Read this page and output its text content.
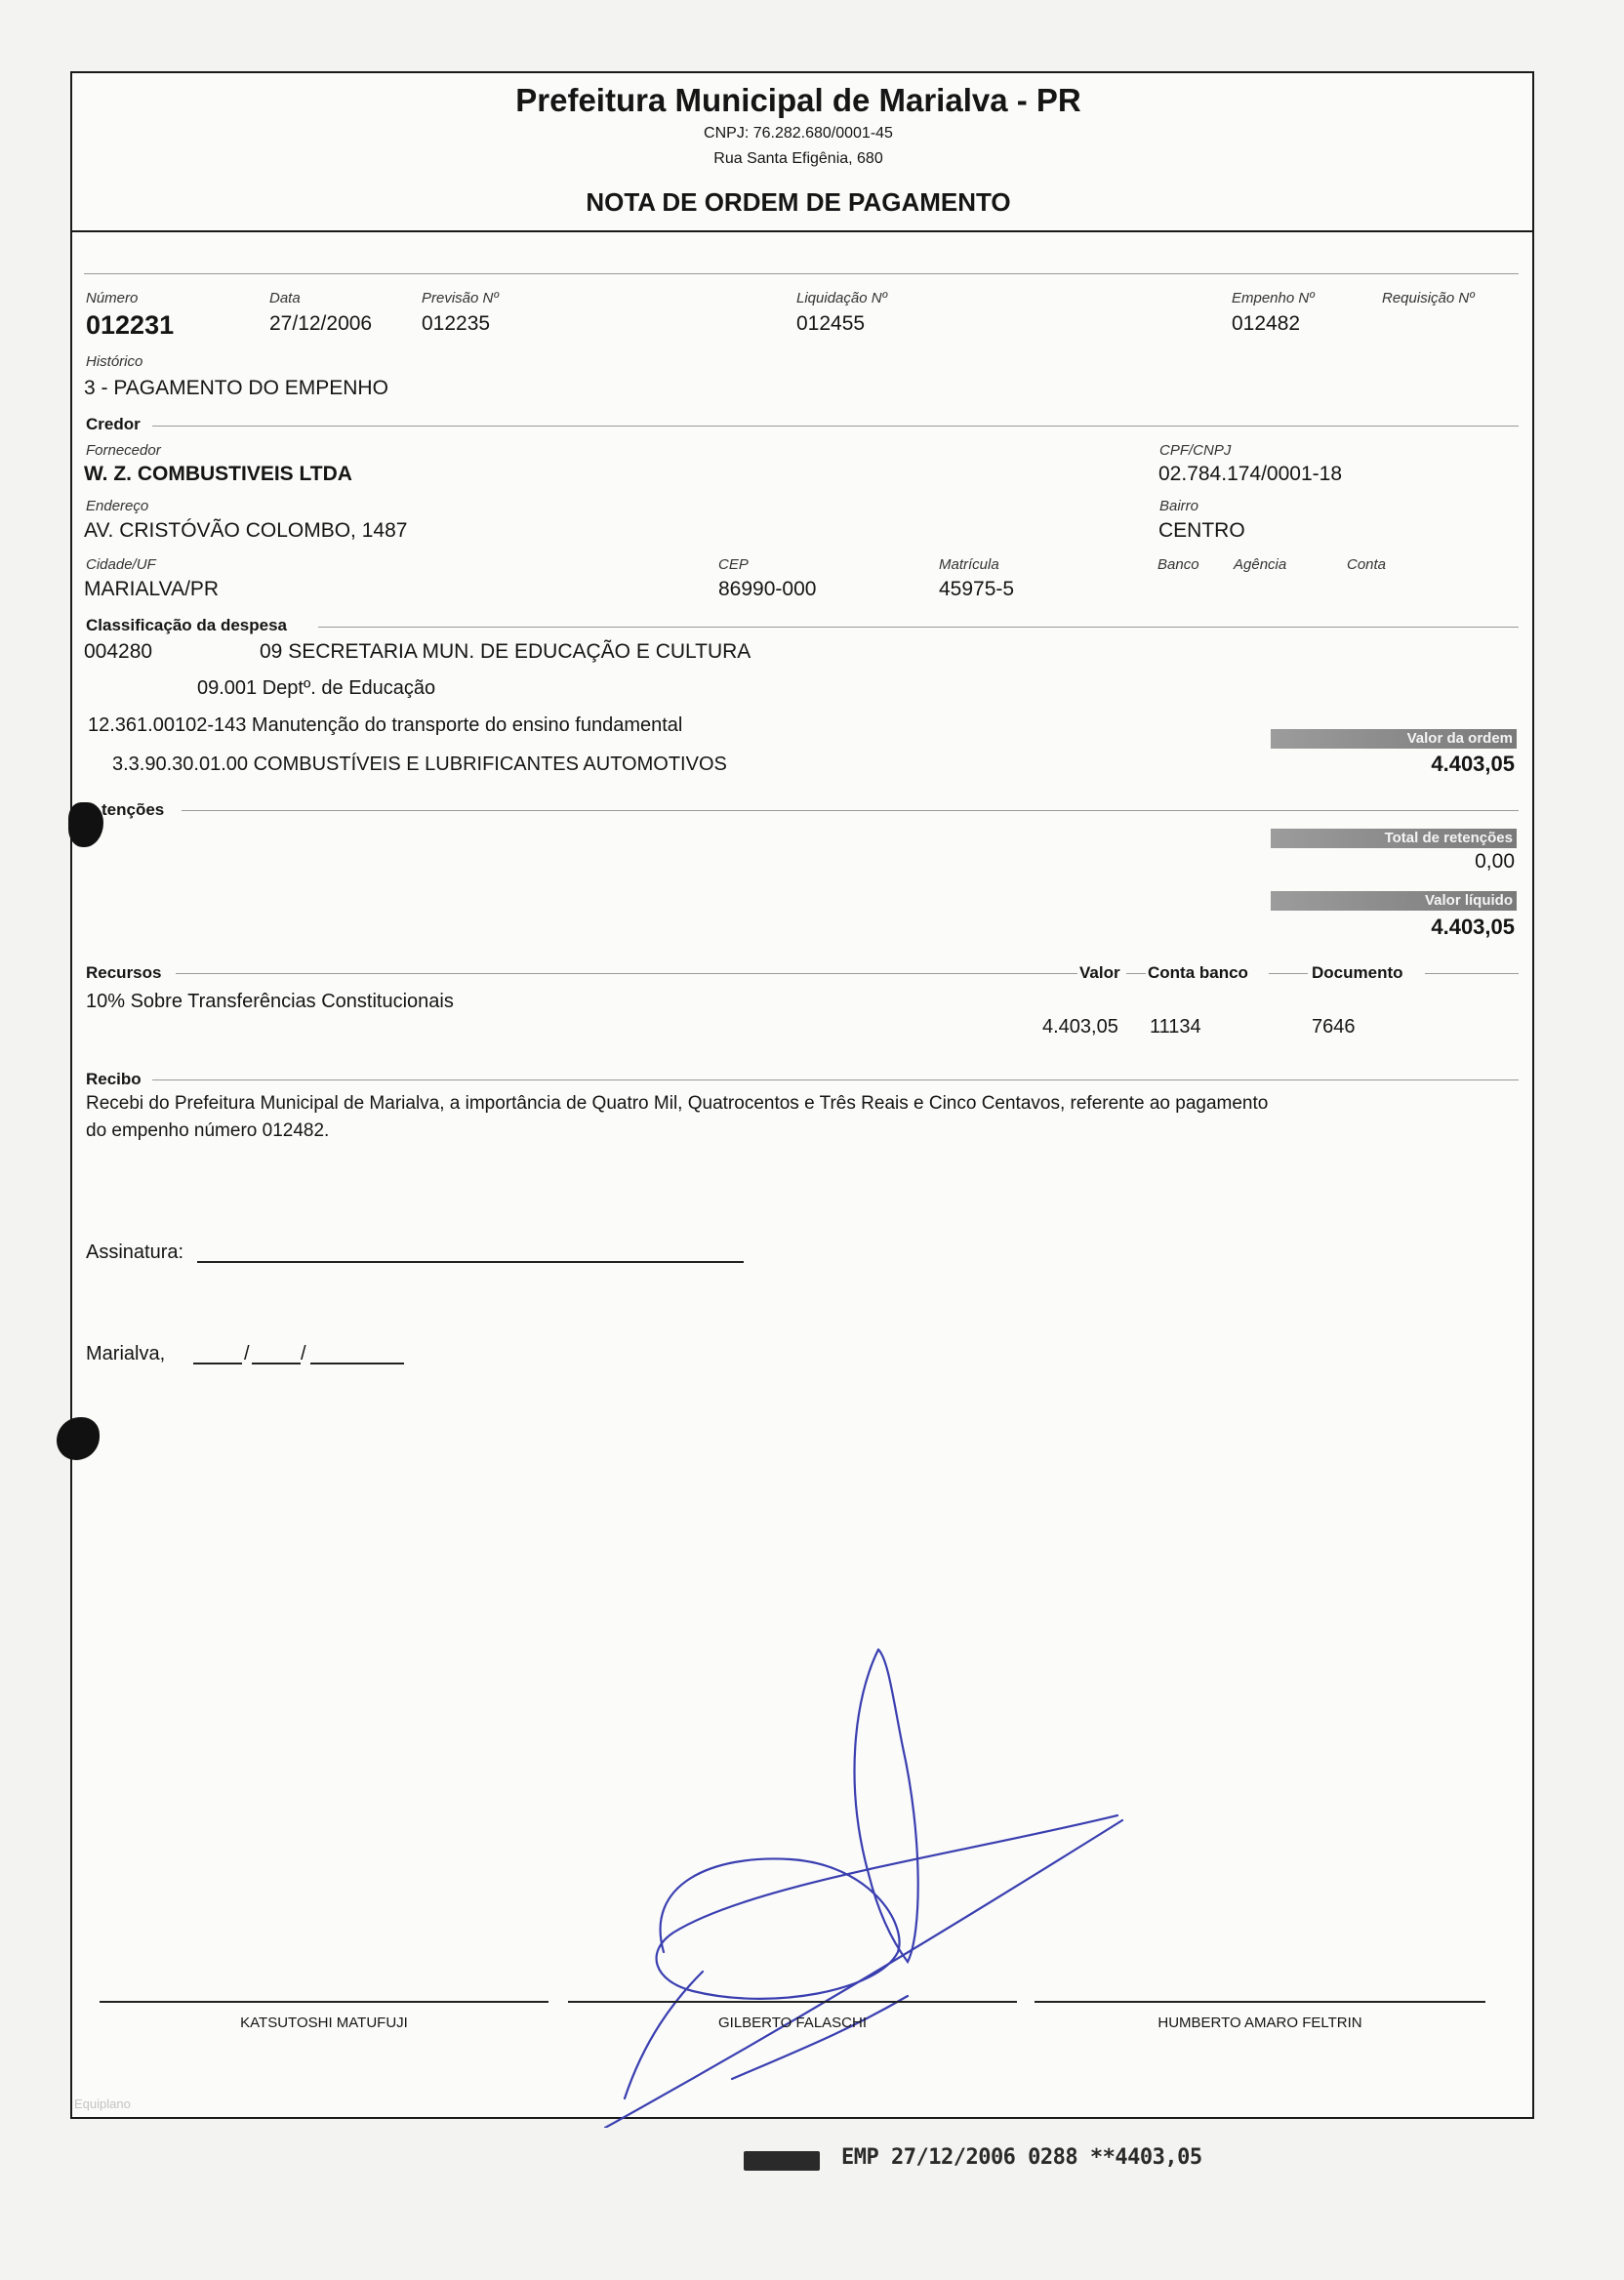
Prefeitura Municipal de Marialva - PR
CNPJ: 76.282.680/0001-45
Rua Santa Efigênia, 680
NOTA DE ORDEM DE PAGAMENTO
Número
012231
Data
27/12/2006
Previsão Nº
012235
Liquidação Nº
012455
Empenho Nº
012482
Requisição Nº
Histórico
3 - PAGAMENTO DO EMPENHO
Credor
Fornecedor
W. Z. COMBUSTIVEIS LTDA
CPF/CNPJ
02.784.174/0001-18
Endereço
AV. CRISTÓVÃO COLOMBO, 1487
Bairro
CENTRO
Cidade/UF
MARIALVA/PR
CEP
86990-000
Matrícula
45975-5
Banco Agência	Conta
Classificação da despesa
004280	09 SECRETARIA MUN. DE EDUCAÇÃO E CULTURA
09.001 Deptº. de Educação
12.361.00102-143 Manutenção do transporte do ensino fundamental
3.3.90.30.01.00 COMBUSTÍVEIS E LUBRIFICANTES AUTOMOTIVOS
Valor da ordem
4.403,05
tenções
Total de retenções
0,00
Valor líquido
4.403,05
Recursos	Valor Conta banco	Documento
10% Sobre Transferências Constitucionais
4.403,05 11134	7646
Recibo
Recebi do Prefeitura Municipal de Marialva, a importância de Quatro Mil, Quatrocentos e Três Reais e Cinco Centavos, referente ao pagamento
do empenho número 012482.
Assinatura:
Marialva,	/	/
KATSUTOSHI MATUFUJI	GILBERTO FALASCHI	HUMBERTO AMARO FELTRIN
Equiplano
EMP 27/12/2006 0288 **4403,05
